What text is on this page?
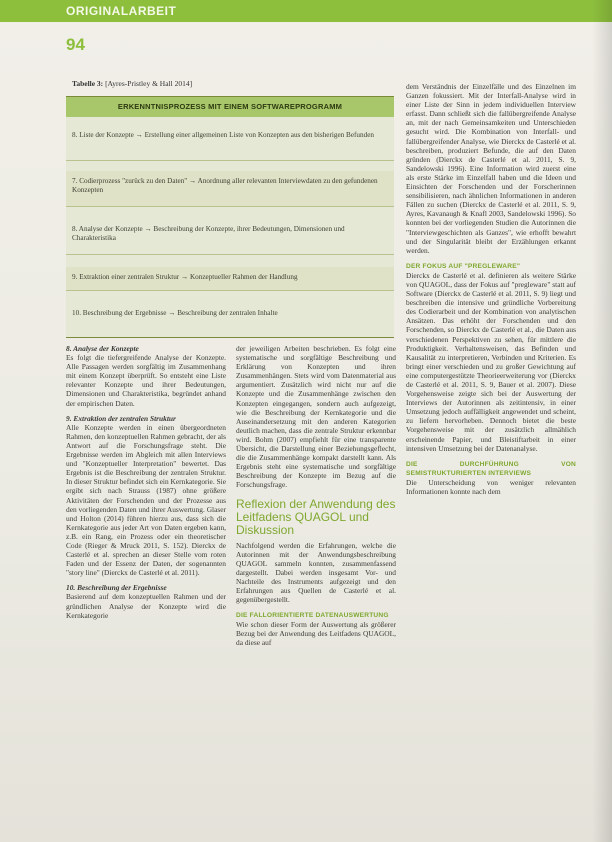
ORIGINALARBEIT
94
Tabelle 3: [Ayres-Pristley & Hall 2014]
ERKENNTNISPROZESS MIT EINEM SOFTWAREPROGRAMM
8. Liste der Konzepte → Erstellung einer allgemeinen Liste von Konzepten aus den bisherigen Befunden
7. Codierprozess "zurück zu den Daten" → Anordnung aller relevanten Interviewdaten zu den gefundenen Konzepten
8. Analyse der Konzepte → Beschreibung der Konzepte, ihrer Bedeutungen, Dimensionen und Charakteristika
9. Extraktion einer zentralen Struktur → Konzeptueller Rahmen der Handlung
10. Beschreibung der Ergebnisse → Beschreibung der zentralen Inhalte

8. Analyse der Konzepte

Es folgt die tiefergreifende Analyse der Konzepte. Alle Passagen werden sorgfältig im Zusammenhang mit einem Konzept überprüft. So entsteht eine Liste relevanter Konzepte und ihrer Bedeutungen, Dimensionen und Charakteristika, begründet anhand der empirischen Daten.

9. Extraktion der zentralen Struktur

Alle Konzepte werden in einen übergeordneten Rahmen, den konzeptuellen Rahmen gebracht, der als Antwort auf die Forschungsfrage steht. Die Ergebnisse werden im Abgleich mit allen Interviews und "Konzeptueller Interpretation" bewertet. Das Ergebnis ist die Beschreibung der zentralen Struktur. In dieser Struktur befindet sich ein Kernkategorie. Sie ergibt sich nach Strauss (1987) ohne größere Aktivitäten der Forschenden und der Prozesse aus den vorliegenden Daten und ihrer Auswertung. Glaser und Holton (2014) führen hierzu aus, dass sich die Kernkategorie aus jeder Art von Daten ergeben kann, z.B. ein Rang, ein Prozess oder ein theoretischer Code (Rieger & Mruck 2011, S. 152). Dierckx de Casterlé et al. sprechen an dieser Stelle vom roten Faden und der Essenz der Daten, der sogenannten "story line" (Dierckx de Casterlé et al. 2011).

10. Beschreibung der Ergebnisse

Basierend auf dem konzeptuellen Rahmen und der gründlichen Analyse der Konzepte wird die Kernkategorie

der jeweiligen Arbeiten beschrieben. Es folgt eine systematische und sorgfältige Beschreibung und Erklärung von Konzepten und ihren Zusammenhängen. Stets wird vom Datenmaterial aus argumentiert. Zusätzlich wird nicht nur auf die Konzepte und die Zusammenhänge zwischen den Konzepten eingegangen, sondern auch aufgezeigt, wie die Beschreibung der Kernkategorie und die Auseinandersetzung mit den anderen Kategorien deutlich machen, dass die zentrale Struktur erkennbar wird. Bohm (2007) empfiehlt für eine transparente Übersicht, die Darstellung einer Beziehungsgeflecht, die die Zusammenhänge kompakt darstellt kann. Als Ergebnis steht eine systematische und sorgfältige Beschreibung der Konzepte im Bezug auf die Forschungsfrage.

Reflexion der Anwendung des Leitfadens QUAGOL und Diskussion

Nachfolgend werden die Erfahrungen, welche die Autorinnen mit der Anwendungsbeschreibung QUAGOL sammeln konnten, zusammenfassend dargestellt. Dabei werden insgesamt Vor- und Nachteile des Instruments aufgezeigt und den Erfahrungen aus Quellen de Casterlé et al. gegenübergestellt.

DIE FALLORIENTIERTE DATENAUSWERTUNG

Wie schon dieser Form der Auswertung als größerer Bezug bei der Anwendung des Leitfadens QUAGOL, da diese auf

dem Verständnis der Einzelfälle und des Einzelnen im Ganzen fokussiert. Mit der Interfall-Analyse wird in einer Liste der Sinn in jedem individuellen Interview erfasst. Dann schließt sich die fallübergreifende Analyse an, mit der nach Gemeinsamkeiten und Unterschieden gesucht wird. Die Kombination von Interfall- und fallübergreifender Analyse, wie Dierckx de Casterlé et al. beschreiben, produziert Befunde, die auf den Daten gründen (Dierckx de Casterlé et al. 2011, S. 9, Sandelowski 1996). Eine Information wird zuerst eine als erste Stärke im Einzelfall haben und die Ideen und Einsichten der Forschenden und der Forscherinnen sensibilisieren, nach ähnlichen Informationen in anderen Fällen zu suchen (Dierckx de Casterlé et al. 2011, S. 9, Ayres, Kavanaugh & Knafl 2003, Sandelowski 1996). So konnten bei der vorliegenden Studien die Autorinnen die "Interviewgeschichten als Ganzes", wie erhofft bewahrt und der Singularität bleibt der Erzählungen erkannt werden.

DER FOKUS AUF "PREGLEWARE"

Dierckx de Casterlé et al. definieren als weitere Stärke von QUAGOL, dass der Fokus auf "pregleware" statt auf Software (Dierckx de Casterlé et al. 2011, S. 9) liegt und beschreiben die intensive und gründliche Vorbereitung des Codierarbeit und der Kombination von analytischen Ansätzen. Das erhöht der Forschenden und den Forschenden, so Dierckx de Casterlé et al., die Daten aus verschiedenen Perspektiven zu sehen, für mittlere die Produktigkeit. Verhaltensweisen, das Befinden und Kausalität zu interpretieren, Verbinden und Kriterien. Es bringt einer verschieden und zu großer Gewichtung auf eine computergestützte Theorieerweiterung vor (Dierckx de Casterlé et al. 2011, S. 9, Bauer et al. 2007). Diese Vorgehensweise zeigte sich bei der Auswertung der Interviews der Autorinnen als zeitintensiv, in einer Umsetzung jedoch auffälligkeit angewendet und scheint, zu liefern hervorheben. Dennoch bietet die beste Vorgehensweise mit der zusätzlich allmählich erscheinende Papier, und Bleistiftarbeit in einer intensiven Umsetzung bei der Datenanalyse.

DIE DURCHFÜHRUNG VON SEMISTRUKTURIERTEN INTERVIEWS

Die Unterscheidung von weniger relevanten Informationen konnte nach dem
